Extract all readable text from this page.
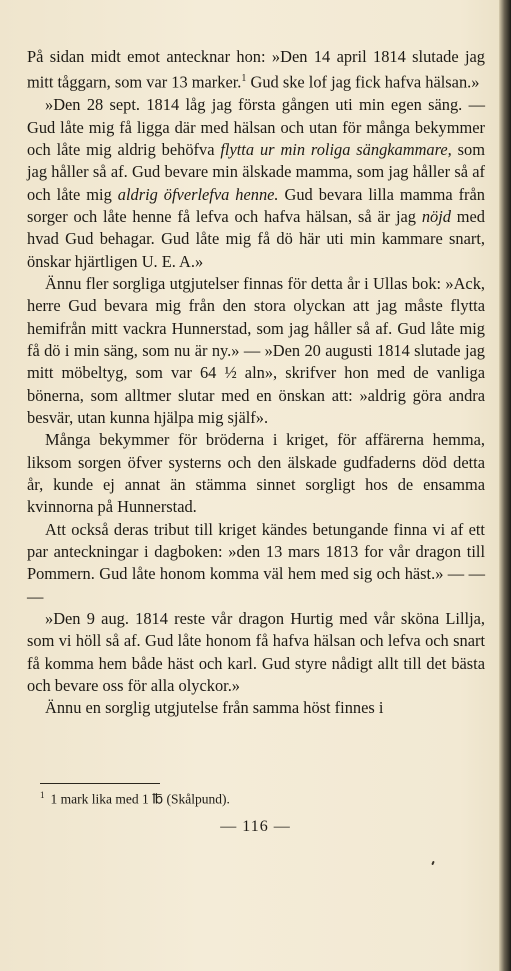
På sidan midt emot antecknar hon: »Den 14 april 1814 slutade jag mitt tåggarn, som var 13 marker.$^1$ Gud ske lof jag fick hafva hälsan.»

»Den 28 sept. 1814 låg jag första gången uti min egen säng. — Gud låte mig få ligga där med hälsan och utan för många bekymmer och låte mig aldrig behöfva flytta ur min roliga sängkammare, som jag håller så af. Gud bevare min älskade mamma, som jag håller så af och låte mig aldrig öfverlefva henne. Gud bevara lilla mamma från sorger och låte henne få lefva och hafva hälsan, så är jag nöjd med hvad Gud behagar. Gud låte mig få dö här uti min kammare snart, önskar hjärtligen U. E. A.»

Ännu fler sorgliga utgjutelser finnas för detta år i Ullas bok: »Ack, herre Gud bevara mig från den stora olyckan att jag måste flytta hemifrån mitt vackra Hunnerstad, som jag håller så af. Gud låte mig få dö i min säng, som nu är ny.» — »Den 20 augusti 1814 slutade jag mitt möbeltyg, som var 64 ½ aln», skrifver hon med de vanliga bönerna, som alltmer slutar med en önskan att: »aldrig göra andra besvär, utan kunna hjälpa mig själf».

Många bekymmer för bröderna i kriget, för affärerna hemma, liksom sorgen öfver systerns och den älskade gudfaderns död detta år, kunde ej annat än stämma sinnet sorgligt hos de ensamma kvinnorna på Hunnerstad.

Att också deras tribut till kriget kändes betungande finna vi af ett par anteckningar i dagboken: »den 13 mars 1813 for vår dragon till Pommern. Gud låte honom komma väl hem med sig och häst.» — — —

»Den 9 aug. 1814 reste vår dragon Hurtig med vår sköna Lillja, som vi höll så af. Gud låte honom få hafva hälsan och lefva och snart få komma hem både häst och karl. Gud styre nådigt allt till det bästa och bevare oss för alla olyckor.»

Ännu en sorglig utgjutelse från samma höst finnes i

$^1$ 1 mark lika med 1 ℔ (Skålpund).
— 116 —
